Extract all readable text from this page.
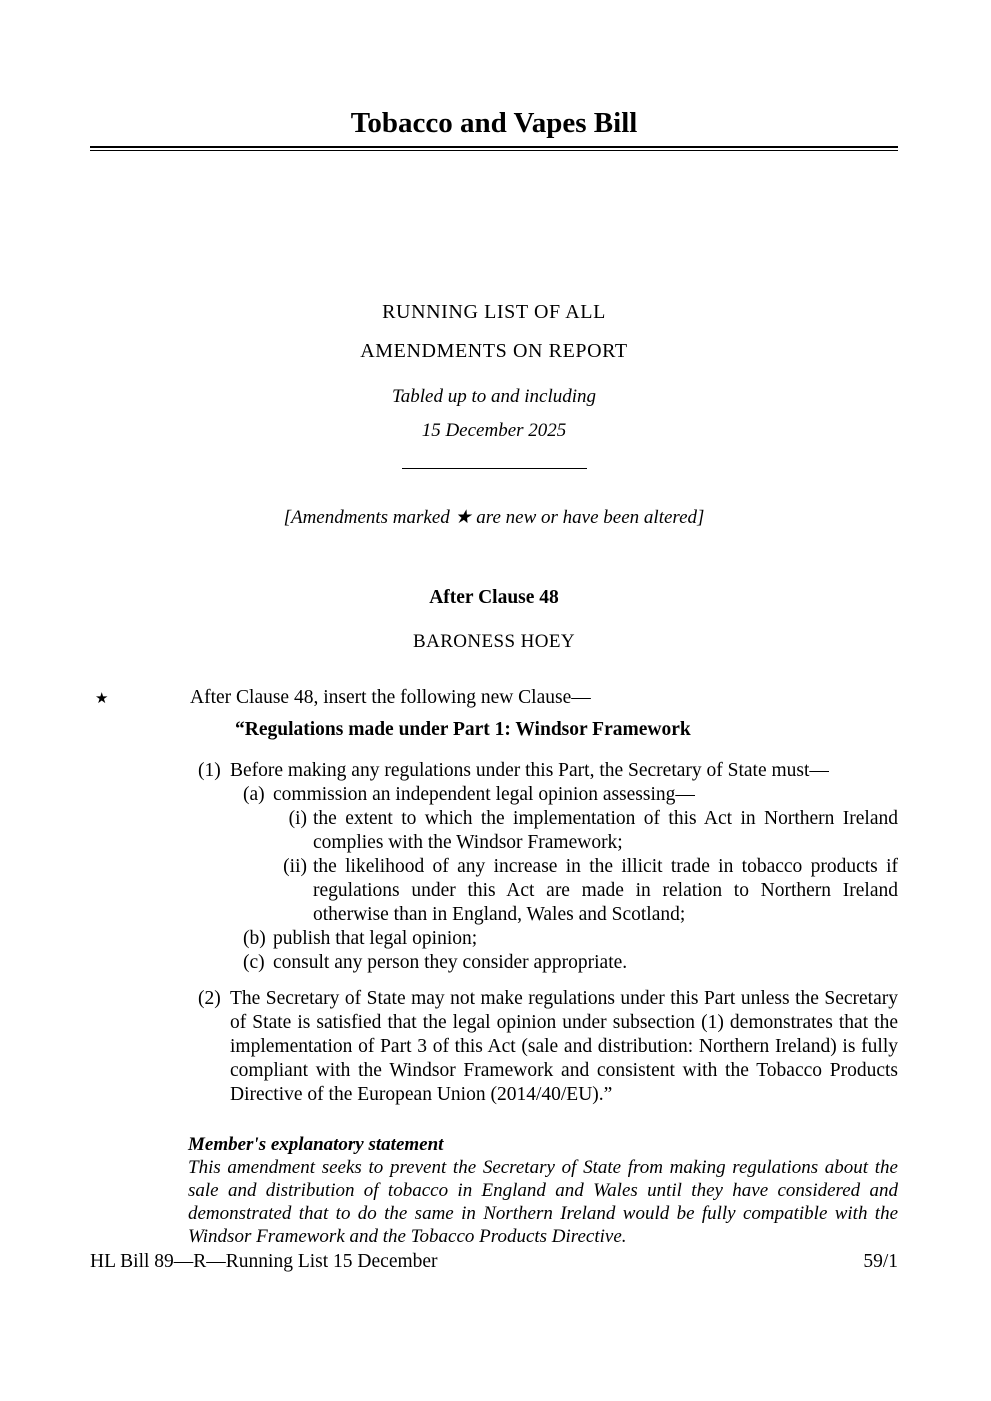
Tobacco and Vapes Bill
RUNNING LIST OF ALL
AMENDMENTS ON REPORT
Tabled up to and including
15 December 2025
[Amendments marked ★ are new or have been altered]
After Clause 48
BARONESS HOEY
★	After Clause 48, insert the following new Clause—
“Regulations made under Part 1: Windsor Framework
(1) Before making any regulations under this Part, the Secretary of State must—
(a) commission an independent legal opinion assessing—
(i) the extent to which the implementation of this Act in Northern Ireland complies with the Windsor Framework;
(ii) the likelihood of any increase in the illicit trade in tobacco products if regulations under this Act are made in relation to Northern Ireland otherwise than in England, Wales and Scotland;
(b) publish that legal opinion;
(c) consult any person they consider appropriate.
(2) The Secretary of State may not make regulations under this Part unless the Secretary of State is satisfied that the legal opinion under subsection (1) demonstrates that the implementation of Part 3 of this Act (sale and distribution: Northern Ireland) is fully compliant with the Windsor Framework and consistent with the Tobacco Products Directive of the European Union (2014/40/EU).”
Member's explanatory statement
This amendment seeks to prevent the Secretary of State from making regulations about the sale and distribution of tobacco in England and Wales until they have considered and demonstrated that to do the same in Northern Ireland would be fully compatible with the Windsor Framework and the Tobacco Products Directive.
HL Bill 89—R—Running List 15 December	59/1
